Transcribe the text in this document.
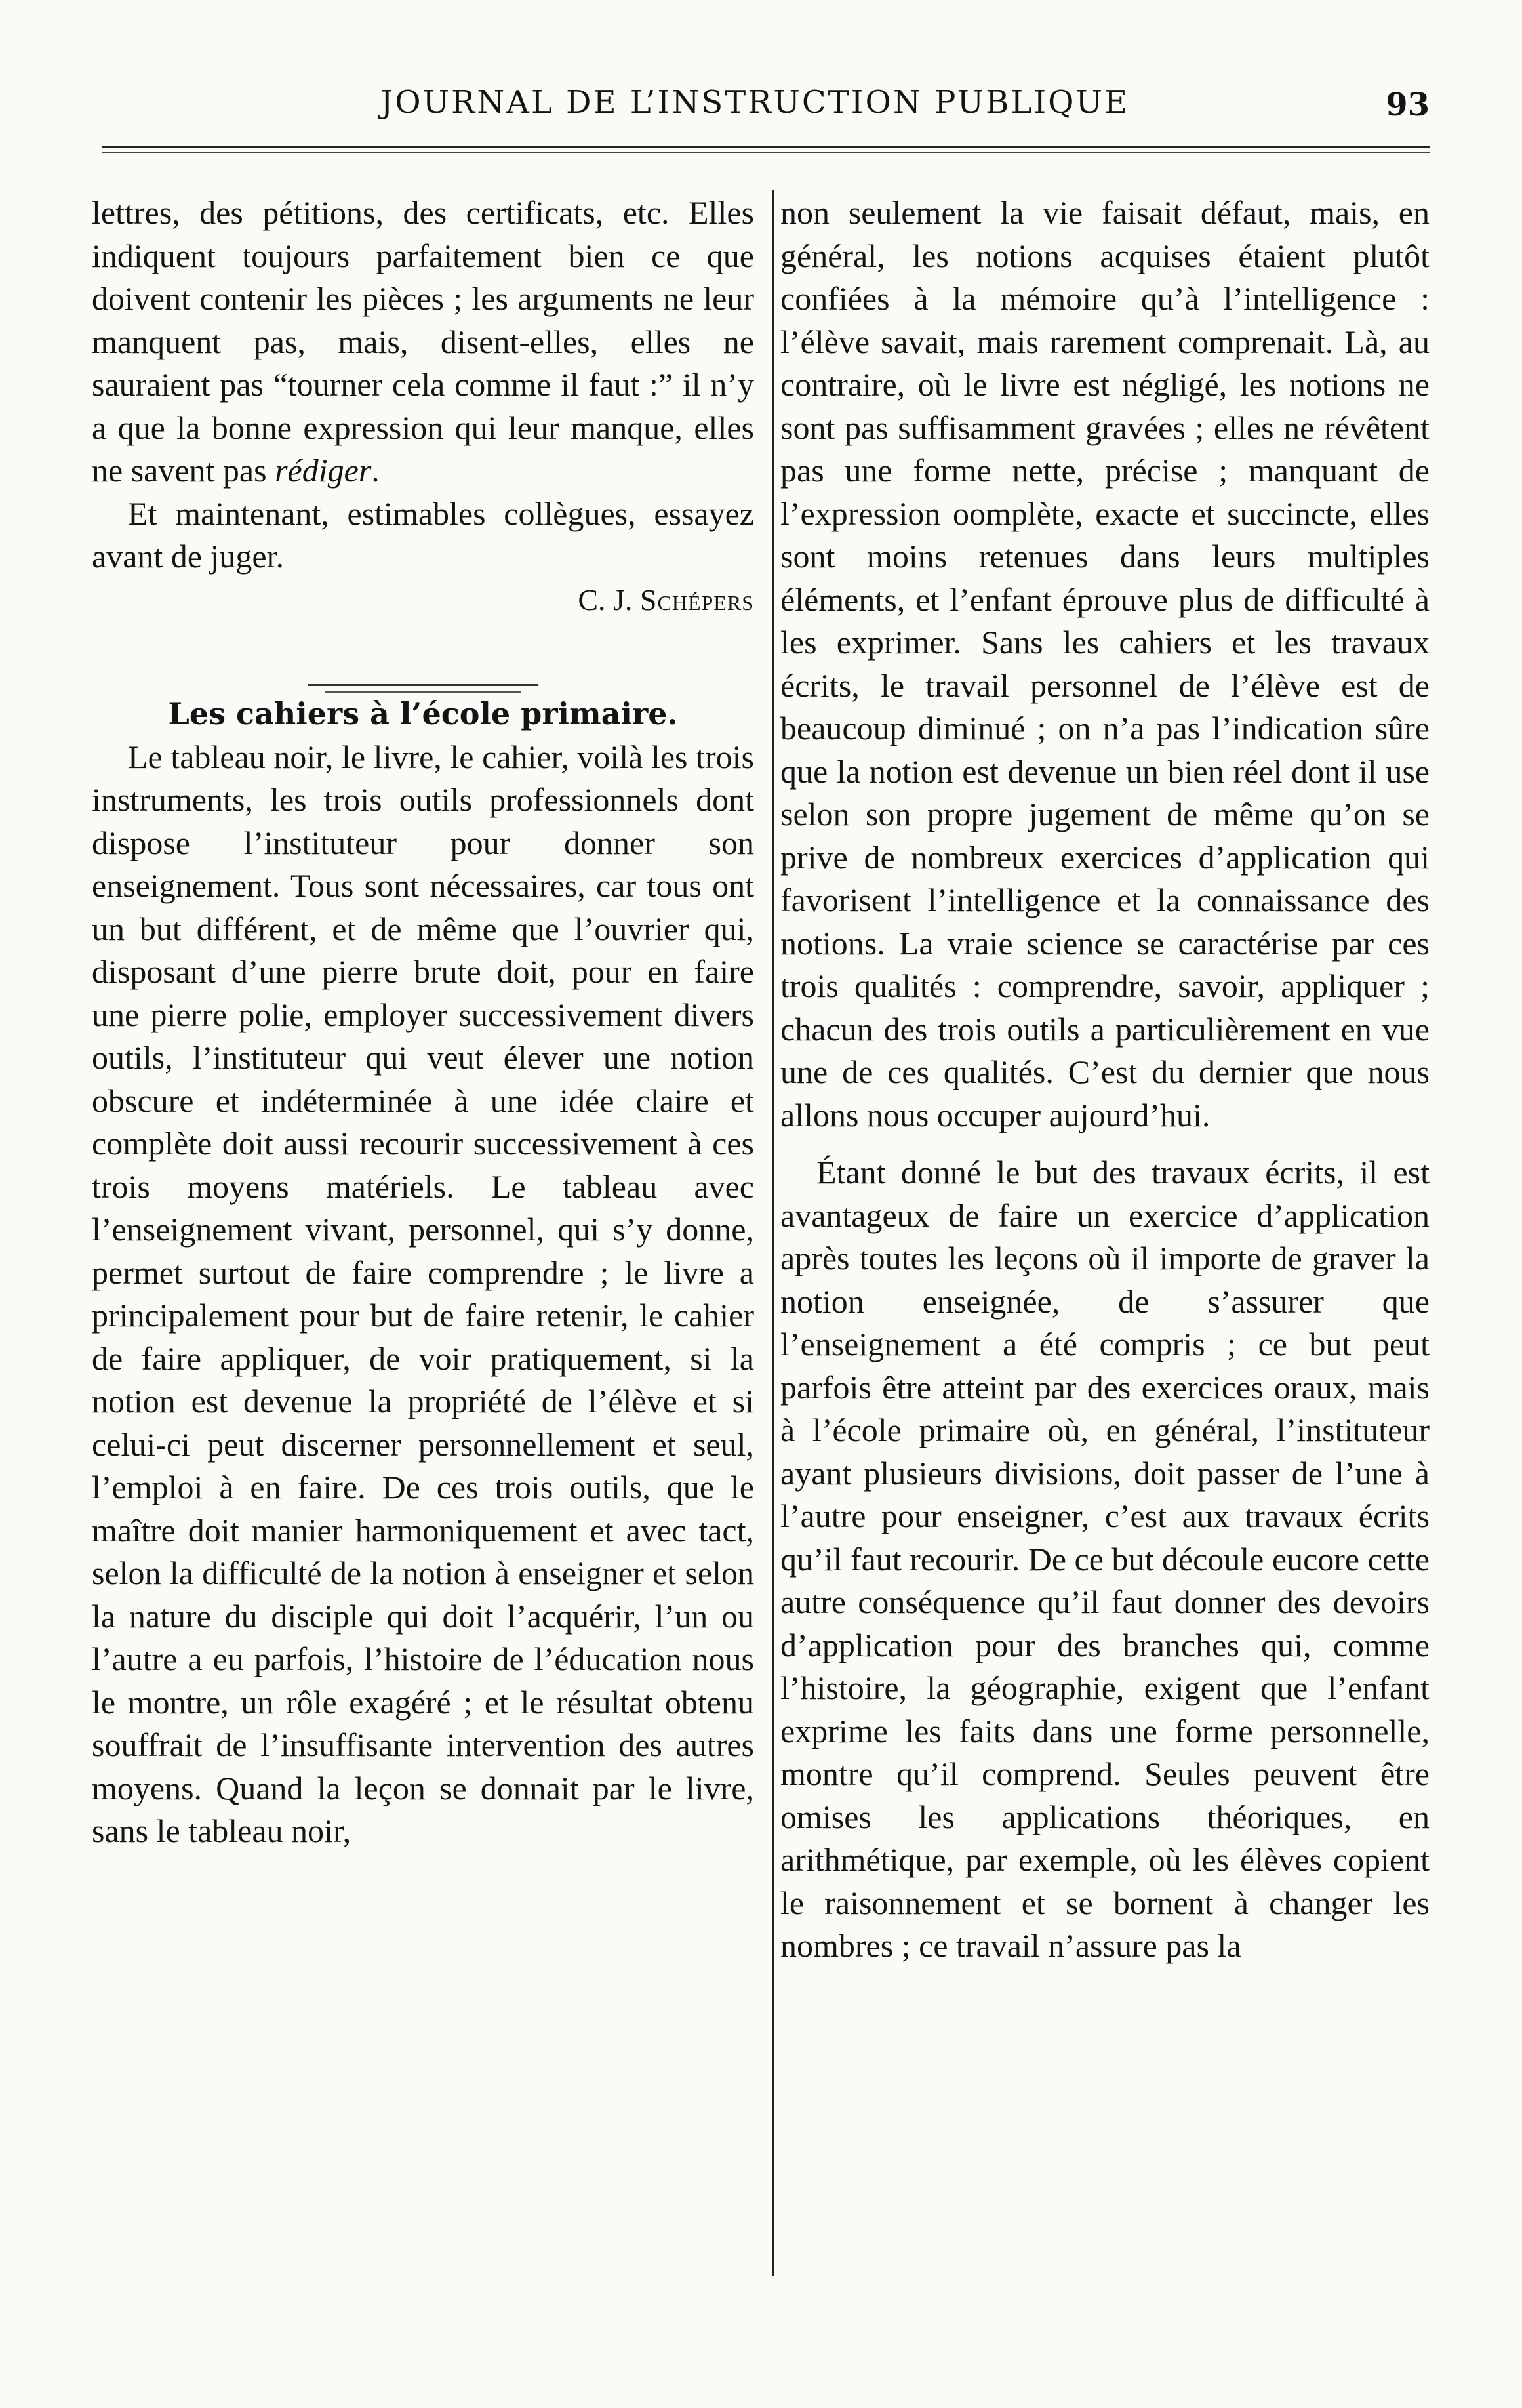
JOURNAL DE L’INSTRUCTION PUBLIQUE	93

lettres, des pétitions, des certificats, etc. Elles indiquent toujours parfaitement bien ce que doivent contenir les pièces ; les arguments ne leur manquent pas, mais, disent-elles, elles ne sauraient pas “tourner cela comme il faut :” il n’y a que la bonne expression qui leur manque, elles ne savent pas rédiger.

Et maintenant, estimables collègues, essayez avant de juger.

C. J. Schépers

Les cahiers à l’école primaire.

Le tableau noir, le livre, le cahier, voilà les trois instruments, les trois outils professionnels dont dispose l’instituteur pour donner son enseignement. Tous sont nécessaires, car tous ont un but différent, et de même que l’ouvrier qui, disposant d’une pierre brute doit, pour en faire une pierre polie, employer successivement divers outils, l’instituteur qui veut élever une notion obscure et indéterminée à une idée claire et complète doit aussi recourir successivement à ces trois moyens matériels. Le tableau avec l’enseignement vivant, personnel, qui s’y donne, permet surtout de faire comprendre ; le livre a principalement pour but de faire retenir, le cahier de faire appliquer, de voir pratiquement, si la notion est devenue la propriété de l’élève et si celui-ci peut discerner personnellement et seul, l’emploi à en faire. De ces trois outils, que le maître doit manier harmoniquement et avec tact, selon la difficulté de la notion à enseigner et selon la nature du disciple qui doit l’acquérir, l’un ou l’autre a eu parfois, l’histoire de l’éducation nous le montre, un rôle exagéré ; et le résultat obtenu souffrait de l’insuffisante intervention des autres moyens. Quand la leçon se donnait par le livre, sans le tableau noir,

non seulement la vie faisait défaut, mais, en général, les notions acquises étaient plutôt confiées à la mémoire qu’à l’intelligence : l’élève savait, mais rarement comprenait. Là, au contraire, où le livre est négligé, les notions ne sont pas suffisamment gravées ; elles ne révêtent pas une forme nette, précise ; manquant de l’expression oomplète, exacte et succincte, elles sont moins retenues dans leurs multiples éléments, et l’enfant éprouve plus de difficulté à les exprimer. Sans les cahiers et les travaux écrits, le travail personnel de l’élève est de beaucoup diminué ; on n’a pas l’indication sûre que la notion est devenue un bien réel dont il use selon son propre jugement de même qu’on se prive de nombreux exercices d’application qui favorisent l’intelligence et la connaissance des notions. La vraie science se caractérise par ces trois qualités : comprendre, savoir, appliquer ; chacun des trois outils a particulièrement en vue une de ces qualités. C’est du dernier que nous allons nous occuper aujourd’hui.

Étant donné le but des travaux écrits, il est avantageux de faire un exercice d’application après toutes les leçons où il importe de graver la notion enseignée, de s’assurer que l’enseignement a été compris ; ce but peut parfois être atteint par des exercices oraux, mais à l’école primaire où, en général, l’instituteur ayant plusieurs divisions, doit passer de l’une à l’autre pour enseigner, c’est aux travaux écrits qu’il faut recourir. De ce but découle eucore cette autre conséquence qu’il faut donner des devoirs d’application pour des branches qui, comme l’histoire, la géographie, exigent que l’enfant exprime les faits dans une forme personnelle, montre qu’il comprend. Seules peuvent être omises les applications théoriques, en arithmétique, par exemple, où les élèves copient le raisonnement et se bornent à changer les nombres ; ce travail n’assure pas la
